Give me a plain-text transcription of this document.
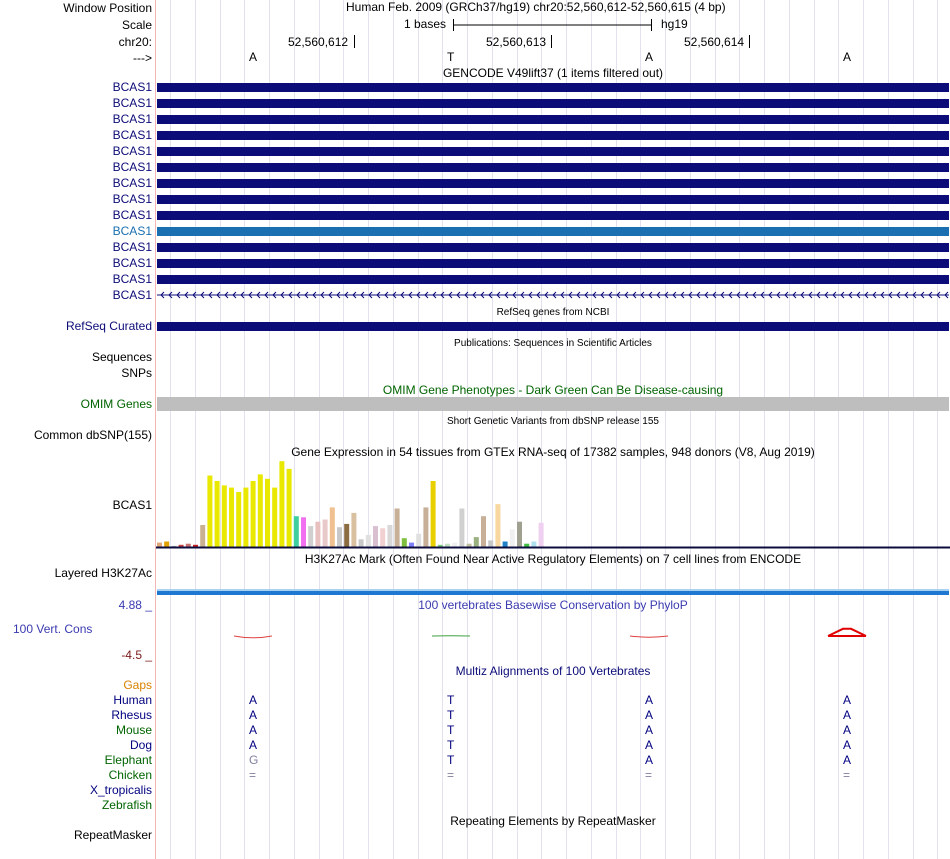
Window Position	Human Feb. 2009 (GRCh37/hg19) chr20:52,560,612-52,560,615 (4 bp)
Scale	1 bases	hg19
chr20:	52,560,612	52,560,613	52,560,614
--->	A	T	A	A
GENCODE V49lift37 (1 items filtered out)
BCAS1
BCAS1
BCAS1
BCAS1
BCAS1
BCAS1
BCAS1
BCAS1
BCAS1
BCAS1
BCAS1
BCAS1
BCAS1
BCAS1
RefSeq genes from NCBI
RefSeq Curated
Publications: Sequences in Scientific Articles
Sequences
SNPs
OMIM Gene Phenotypes - Dark Green Can Be Disease-causing
OMIM Genes
Short Genetic Variants from dbSNP release 155
Common dbSNP(155)
Gene Expression in 54 tissues from GTEx RNA-seq of 17382 samples, 948 donors (V8, Aug 2019)
BCAS1
H3K27Ac Mark (Often Found Near Active Regulatory Elements) on 7 cell lines from ENCODE
Layered H3K27Ac
100 vertebrates Basewise Conservation by PhyloP
4.88 _
100 Vert. Cons
-4.5 _
Multiz Alignments of 100 Vertebrates
Gaps
Human	A	T	A	A
Rhesus	A	T	A	A
Mouse	A	T	A	A
Dog	A	T	A	A
Elephant	G	T	A	A
Chicken	=	=	=	=
X_tropicalis
Zebrafish
Repeating Elements by RepeatMasker
RepeatMasker
